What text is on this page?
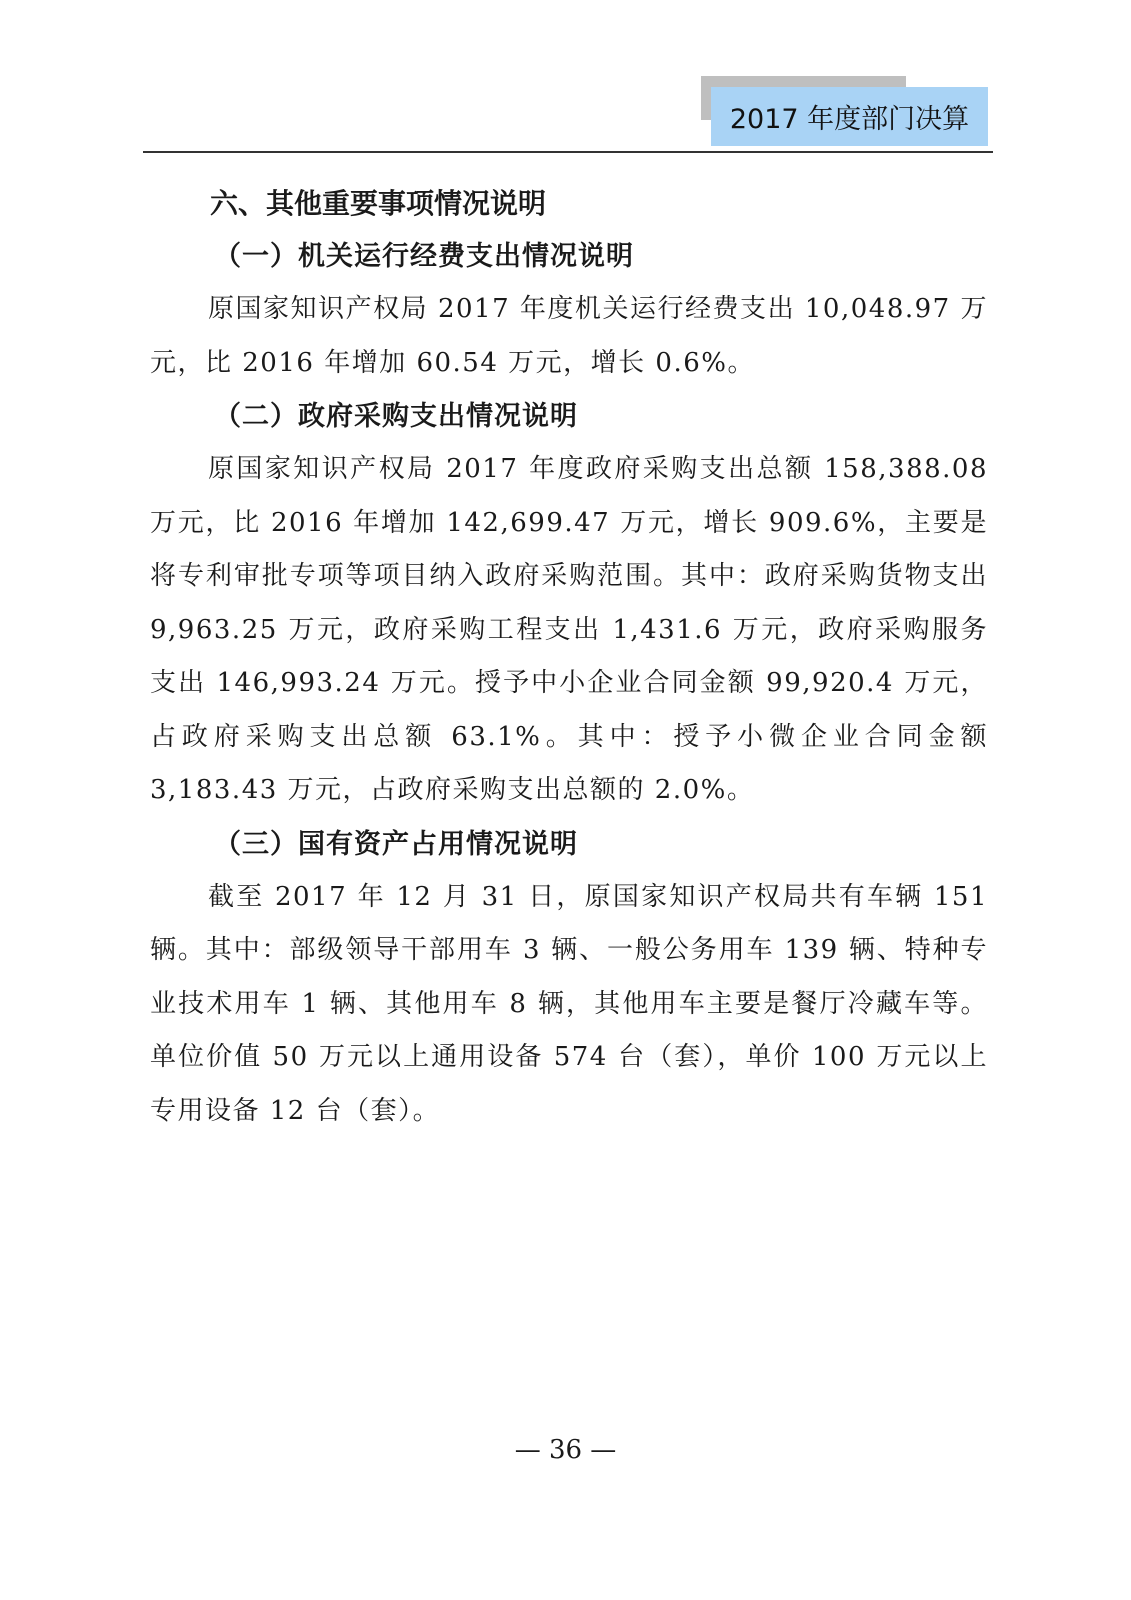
2017 年度部门决算
六、其他重要事项情况说明
（一）机关运行经费支出情况说明

原国家知识产权局 2017 年度机关运行经费支出 10,048.97 万元，比 2016 年增加 60.54 万元，增长 0.6%。

（二）政府采购支出情况说明

原国家知识产权局 2017 年度政府采购支出总额 158,388.08 万元，比 2016 年增加 142,699.47 万元，增长 909.6%，主要是将专利审批专项等项目纳入政府采购范围。其中：政府采购货物支出 9,963.25 万元，政府采购工程支出 1,431.6 万元，政府采购服务支出 146,993.24 万元。授予中小企业合同金额 99,920.4 万元，占政府采购支出总额 63.1%。其中：授予小微企业合同金额 3,183.43 万元，占政府采购支出总额的 2.0%。

（三）国有资产占用情况说明

截至 2017 年 12 月 31 日，原国家知识产权局共有车辆 151 辆。其中：部级领导干部用车 3 辆、一般公务用车 139 辆、特种专业技术用车 1 辆、其他用车 8 辆，其他用车主要是餐厅冷藏车等。单位价值 50 万元以上通用设备 574 台（套），单价 100 万元以上专用设备 12 台（套）。

— 36 —
